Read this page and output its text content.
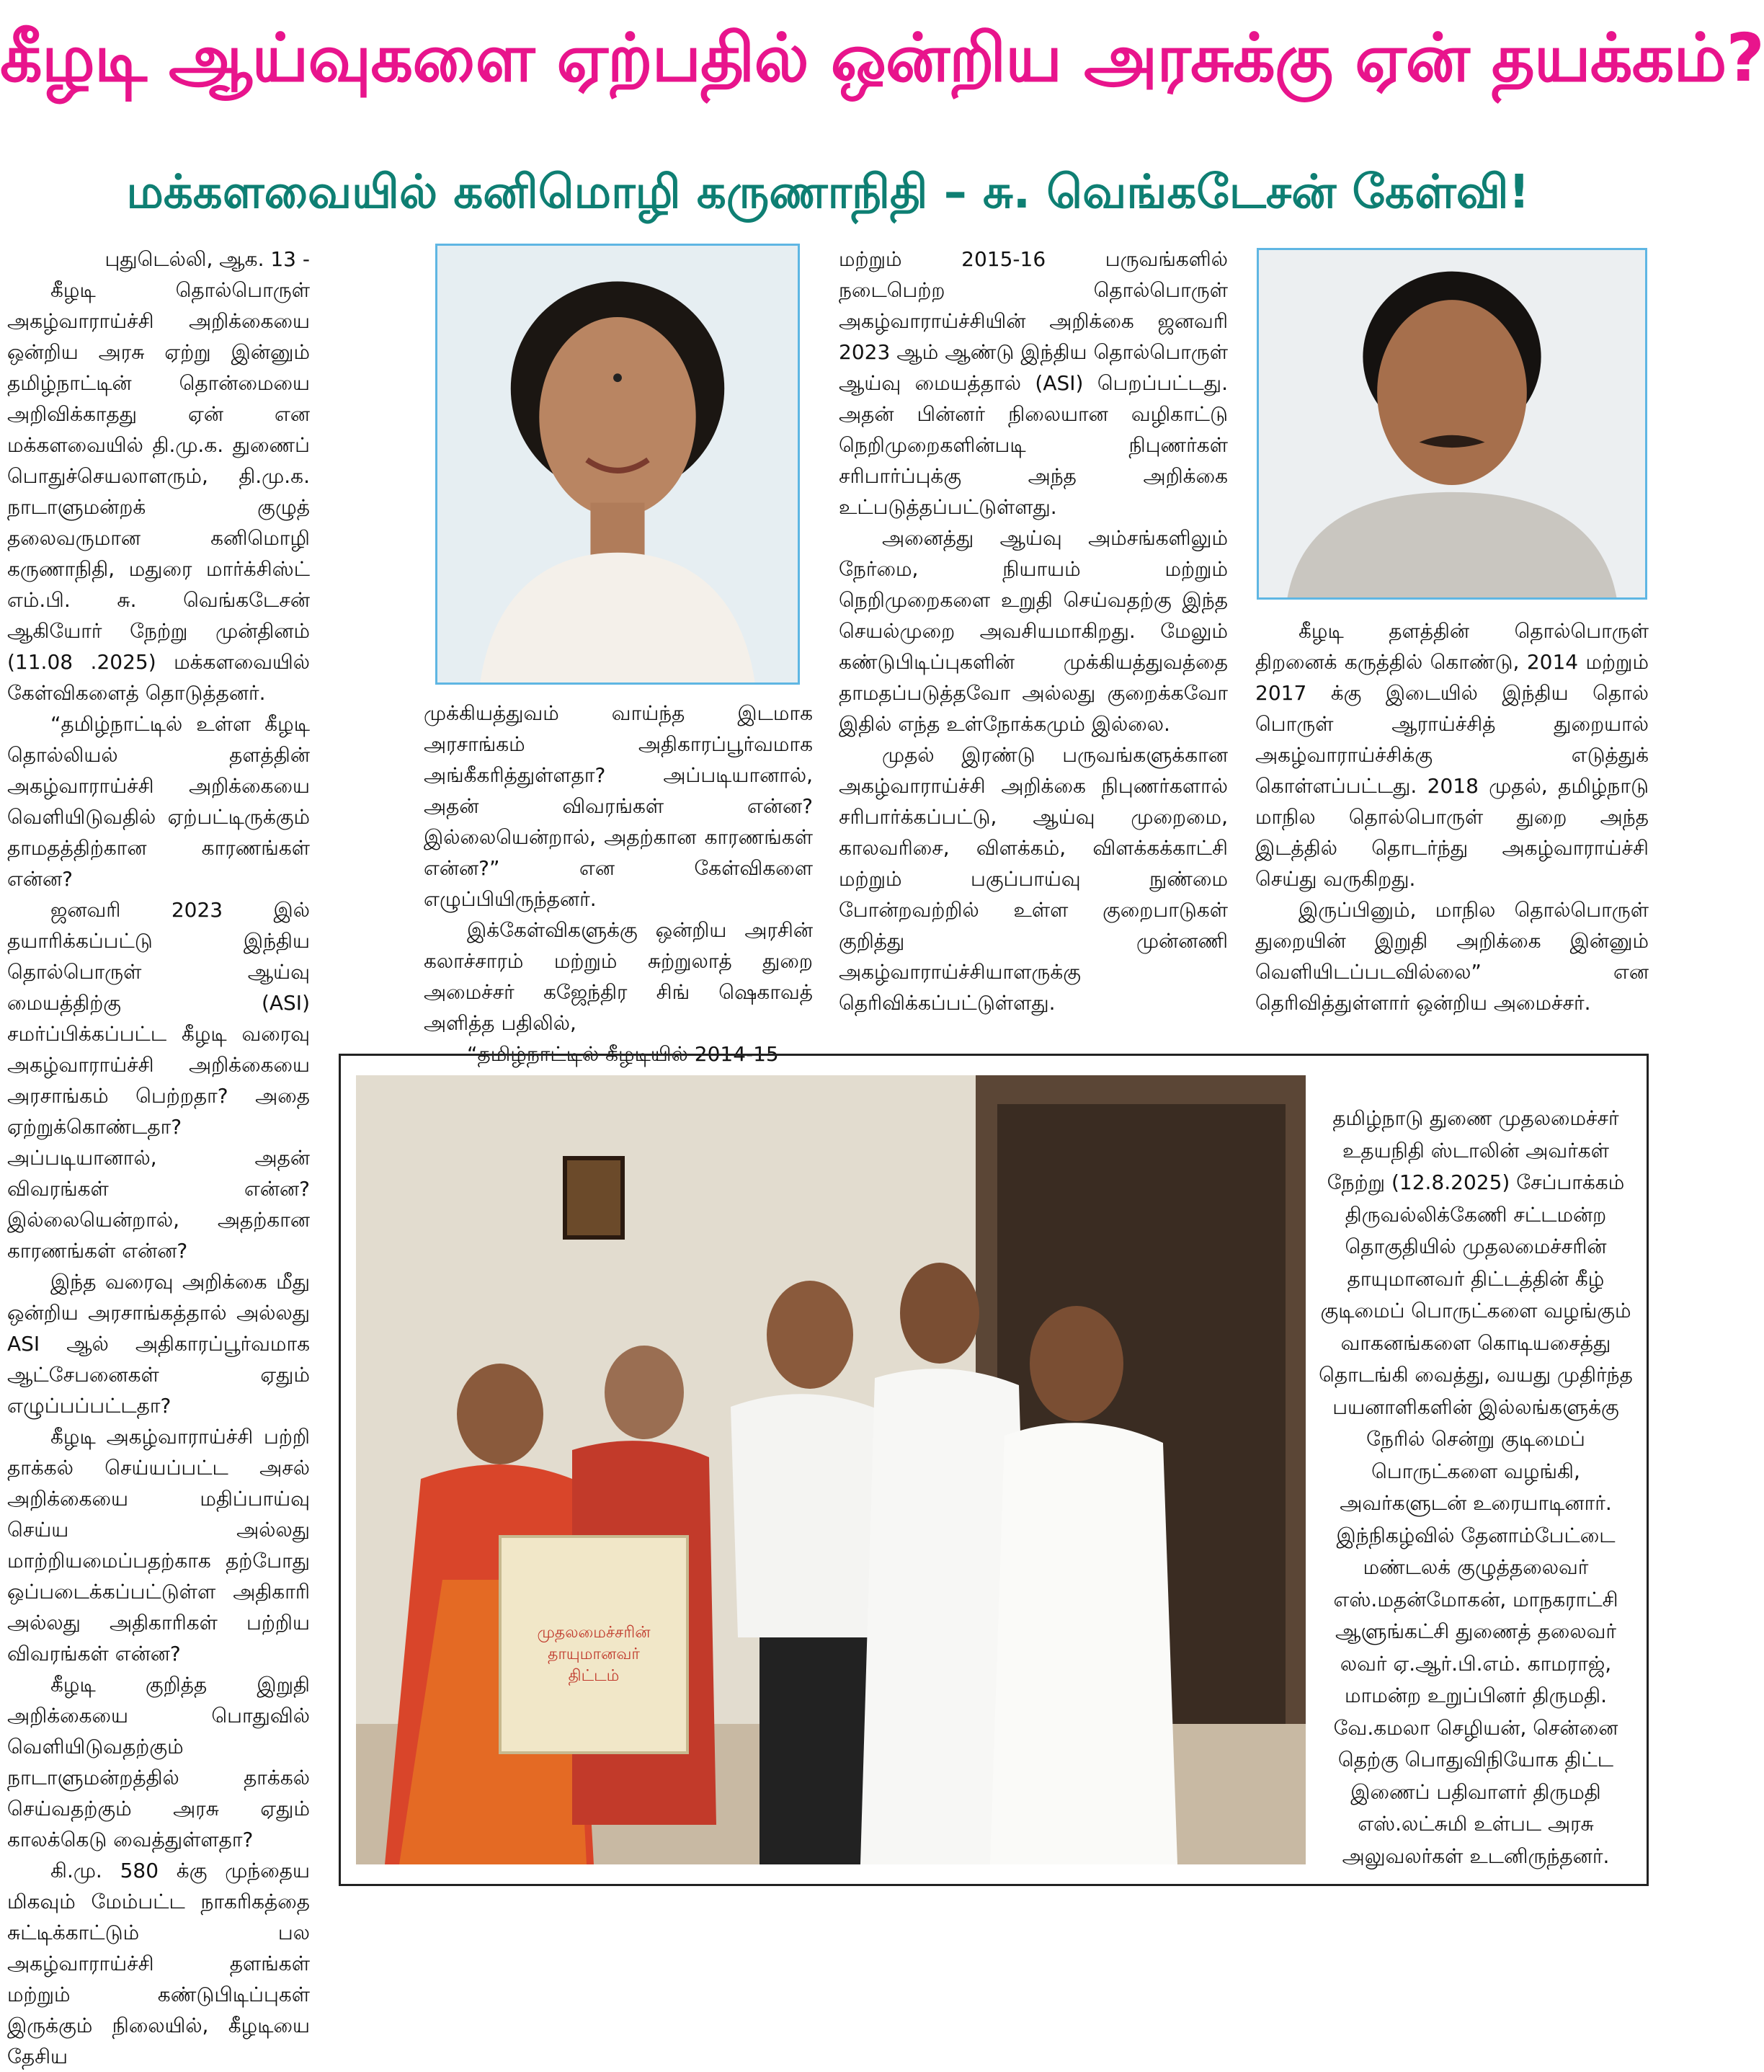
கீழடி ஆய்வுகளை ஏற்பதில் ஒன்றிய அரசுக்கு ஏன் தயக்கம்?
மக்களவையில் கனிமொழி கருணாநிதி – சு. வெங்கடேசன் கேள்வி!

புதுடெல்லி, ஆக. 13 -

கீழடி தொல்பொருள் அகழ்வாராய்ச்சி அறிக்கையை ஒன்றிய அரசு ஏற்று இன்னும் தமிழ்நாட்டின் தொன்மையை அறிவிக்காதது ஏன் என மக்களவையில் தி.மு.க. துணைப் பொதுச்செயலாளரும், தி.மு.க. நாடாளுமன்றக் குழுத் தலைவருமான கனிமொழி கருணாநிதி, மதுரை மார்க்சிஸ்ட் எம்.பி. சு. வெங்கடேசன் ஆகியோர் நேற்று முன்தினம் (11.08 .2025) மக்களவையில் கேள்விகளைத் தொடுத்தனர்.

“தமிழ்நாட்டில் உள்ள கீழடி தொல்லியல் தளத்தின் அகழ்வாராய்ச்சி அறிக்கையை வெளியிடுவதில் ஏற்பட்டிருக்கும் தாமதத்திற்கான காரணங்கள் என்ன?

ஜனவரி 2023 இல் தயாரிக்கப்பட்டு இந்திய தொல்பொருள் ஆய்வு மையத்திற்கு (ASI) சமர்ப்பிக்கப்பட்ட கீழடி வரைவு அகழ்வாராய்ச்சி அறிக்கையை அரசாங்கம் பெற்றதா? அதை ஏற்றுக்கொண்டதா? அப்படியானால், அதன் விவரங்கள் என்ன? இல்லையென்றால், அதற்கான காரணங்கள் என்ன?

இந்த வரைவு அறிக்கை மீது ஒன்றிய அரசாங்கத்தால் அல்லது ASI ஆல் அதிகாரப்பூர்வமாக ஆட்சேபனைகள் ஏதும் எழுப்பப்பட்டதா?

கீழடி அகழ்வாராய்ச்சி பற்றி தாக்கல் செய்யப்பட்ட அசல் அறிக்கையை மதிப்பாய்வு செய்ய அல்லது மாற்றியமைப்பதற்காக தற்போது ஒப்படைக்கப்பட்டுள்ள அதிகாரி அல்லது அதிகாரிகள் பற்றிய விவரங்கள் என்ன?

கீழடி குறித்த இறுதி அறிக்கையை பொதுவில் வெளியிடுவதற்கும் நாடாளுமன்றத்தில் தாக்கல் செய்வதற்கும் அரசு ஏதும் காலக்கெடு வைத்துள்ளதா?

கி.மு. 580 க்கு முந்தைய மிகவும் மேம்பட்ட நாகரிகத்தை சுட்டிக்காட்டும் பல அகழ்வாராய்ச்சி தளங்கள் மற்றும் கண்டுபிடிப்புகள் இருக்கும் நிலையில், கீழடியை தேசிய

முக்கியத்துவம் வாய்ந்த இடமாக அரசாங்கம் அதிகாரப்பூர்வமாக அங்கீகரித்துள்ளதா? அப்படியானால், அதன் விவரங்கள் என்ன? இல்லையென்றால், அதற்கான காரணங்கள் என்ன?” என கேள்விகளை எழுப்பியிருந்தனர்.

இக்கேள்விகளுக்கு ஒன்றிய அரசின் கலாச்சாரம் மற்றும் சுற்றுலாத் துறை அமைச்சர் கஜேந்திர சிங் ஷெகாவத் அளித்த பதிலில்,

“தமிழ்நாட்டில் கீழடியில் 2014-15

மற்றும் 2015-16 பருவங்களில் நடைபெற்ற தொல்பொருள் அகழ்வாராய்ச்சியின் அறிக்கை ஜனவரி 2023 ஆம் ஆண்டு இந்திய தொல்பொருள் ஆய்வு மையத்தால் (ASI) பெறப்பட்டது. அதன் பின்னர் நிலையான வழிகாட்டு நெறிமுறைகளின்படி நிபுணர்கள் சரிபார்ப்புக்கு அந்த அறிக்கை உட்படுத்தப்பட்டுள்ளது.

அனைத்து ஆய்வு அம்சங்களிலும் நேர்மை, நியாயம் மற்றும் நெறிமுறைகளை உறுதி செய்வதற்கு இந்த செயல்முறை அவசியமாகிறது. மேலும் கண்டுபிடிப்புகளின் முக்கியத்துவத்தை தாமதப்படுத்தவோ அல்லது குறைக்கவோ இதில் எந்த உள்நோக்கமும் இல்லை.

முதல் இரண்டு பருவங்களுக்கான அகழ்வாராய்ச்சி அறிக்கை நிபுணர்களால் சரிபார்க்கப்பட்டு, ஆய்வு முறைமை, காலவரிசை, விளக்கம், விளக்கக்காட்சி மற்றும் பகுப்பாய்வு நுண்மை போன்றவற்றில் உள்ள குறைபாடுகள் குறித்து முன்னணி அகழ்வாராய்ச்சியாளருக்கு தெரிவிக்கப்பட்டுள்ளது.

கீழடி தளத்தின் தொல்பொருள் திறனைக் கருத்தில் கொண்டு, 2014 மற்றும் 2017 க்கு இடையில் இந்திய தொல் பொருள் ஆராய்ச்சித் துறையால் அகழ்வாராய்ச்சிக்கு எடுத்துக் கொள்ளப்பட்டது. 2018 முதல், தமிழ்நாடு மாநில தொல்பொருள் துறை அந்த இடத்தில் தொடர்ந்து அகழ்வாராய்ச்சி செய்து வருகிறது.

இருப்பினும், மாநில தொல்பொருள் துறையின் இறுதி அறிக்கை இன்னும் வெளியிடப்படவில்லை” என தெரிவித்துள்ளார் ஒன்றிய அமைச்சர்.

முதலமைச்சரின்
தாயுமானவர்
திட்டம்
தமிழ்நாடு துணை முதலமைச்சர் உதயநிதி ஸ்டாலின் அவர்கள் நேற்று (12.8.2025) சேப்பாக்கம் திருவல்லிக்கேணி சட்டமன்ற தொகுதியில் முதலமைச்சரின் தாயுமானவர் திட்டத்தின் கீழ் குடிமைப் பொருட்களை வழங்கும் வாகனங்களை கொடியசைத்து தொடங்கி வைத்து, வயது முதிர்ந்த பயனாளிகளின் இல்லங்களுக்கு நேரில் சென்று குடிமைப் பொருட்களை வழங்கி, அவர்களுடன் உரையாடினார். இந்நிகழ்வில் தேனாம்பேட்டை மண்டலக் குழுத்தலைவர் எஸ்.மதன்மோகன், மாநகராட்சி ஆளுங்கட்சி துணைத் தலைவர் லவர் ஏ.ஆர்.பி.எம். காமராஜ், மாமன்ற உறுப்பினர் திருமதி. வே.கமலா செழியன், சென்னை தெற்கு பொதுவிநியோக திட்ட இணைப் பதிவாளர் திருமதி எஸ்.லட்சுமி உள்பட அரசு அலுவலர்கள் உடனிருந்தனர்.
